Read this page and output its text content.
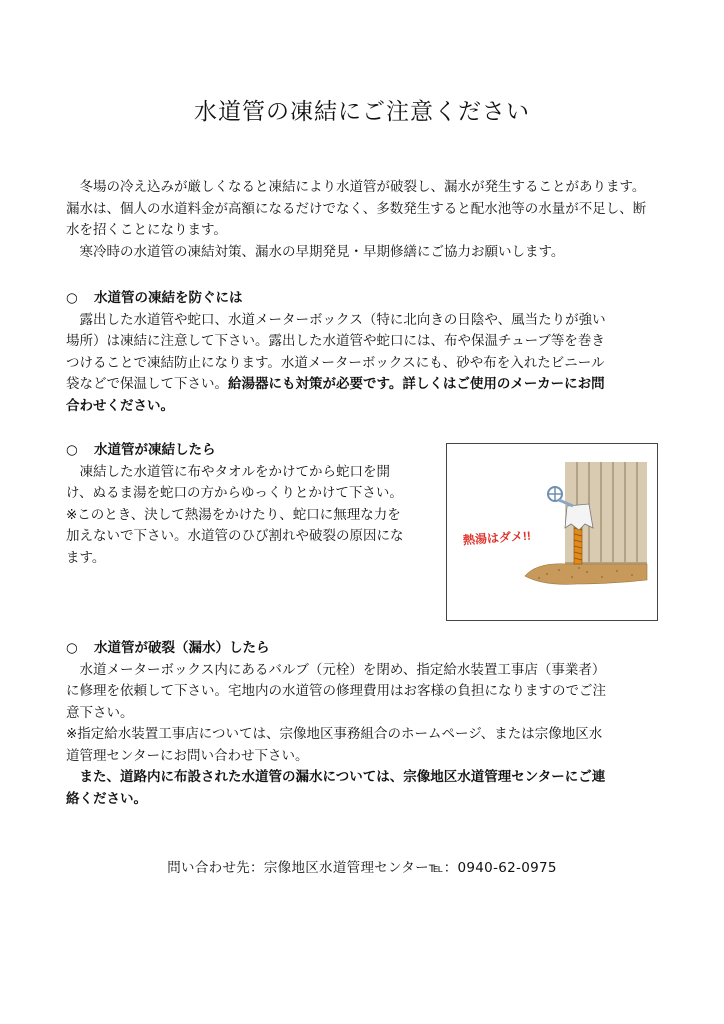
水道管の凍結にご注意ください

　冬場の冷え込みが厳しくなると凍結により水道管が破裂し、漏水が発生することがあります。

漏水は、個人の水道料金が高額になるだけでなく、多数発生すると配水池等の水量が不足し、断

水を招くことになります。

　寒冷時の水道管の凍結対策、漏水の早期発見・早期修繕にご協力お願いします。

○ 水道管の凍結を防ぐには

　露出した水道管や蛇口、水道メーターボックス（特に北向きの日陰や、風当たりが強い

場所）は凍結に注意して下さい。露出した水道管や蛇口には、布や保温チューブ等を巻き

つけることで凍結防止になります。水道メーターボックスにも、砂や布を入れたビニール

袋などで保温して下さい。給湯器にも対策が必要です。詳しくはご使用のメーカーにお問

合わせください。

○ 水道管が凍結したら

　凍結した水道管に布やタオルをかけてから蛇口を開

け、ぬるま湯を蛇口の方からゆっくりとかけて下さい。

※このとき、決して熱湯をかけたり、蛇口に無理な力を

加えないで下さい。水道管のひび割れや破裂の原因にな

ます。

熱湯はダメ!!

○ 水道管が破裂（漏水）したら

　水道メーターボックス内にあるバルブ（元栓）を閉め、指定給水装置工事店（事業者）

に修理を依頼して下さい。宅地内の水道管の修理費用はお客様の負担になりますのでご注

意下さい。

※指定給水装置工事店については、宗像地区事務組合のホームページ、または宗像地区水

道管理センターにお問い合わせ下さい。

　また、道路内に布設された水道管の漏水については、宗像地区水道管理センターにご連

絡ください。

問い合わせ先：宗像地区水道管理センター℡：0940-62-0975
